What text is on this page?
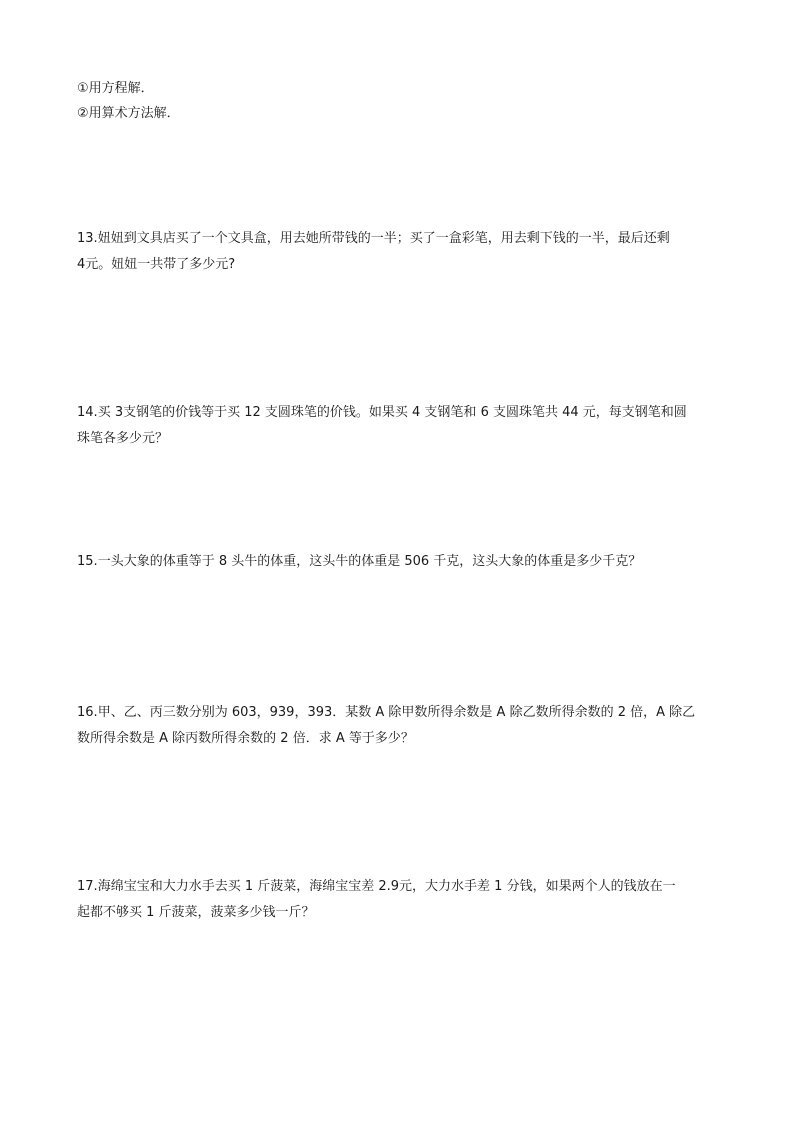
①用方程解．
②用算术方法解．
13.妞妞到文具店买了一个文具盒，用去她所带钱的一半；买了一盒彩笔，用去剩下钱的一半，最后还剩
4元。妞妞一共带了多少元?
14.买 3支钢笔的价钱等于买 12 支圆珠笔的价钱。如果买 4 支钢笔和 6 支圆珠笔共 44 元，每支钢笔和圆
珠笔各多少元？
15.一头大象的体重等于 8 头牛的体重，这头牛的体重是 506 千克，这头大象的体重是多少千克？
16.甲、乙、丙三数分别为 603，939，393．某数 A 除甲数所得余数是 A 除乙数所得余数的 2 倍，A 除乙
数所得余数是 A 除丙数所得余数的 2 倍．求 A 等于多少？
17.海绵宝宝和大力水手去买 1 斤菠菜，海绵宝宝差 2.9元，大力水手差 1 分钱，如果两个人的钱放在一
起都不够买 1 斤菠菜，菠菜多少钱一斤？
